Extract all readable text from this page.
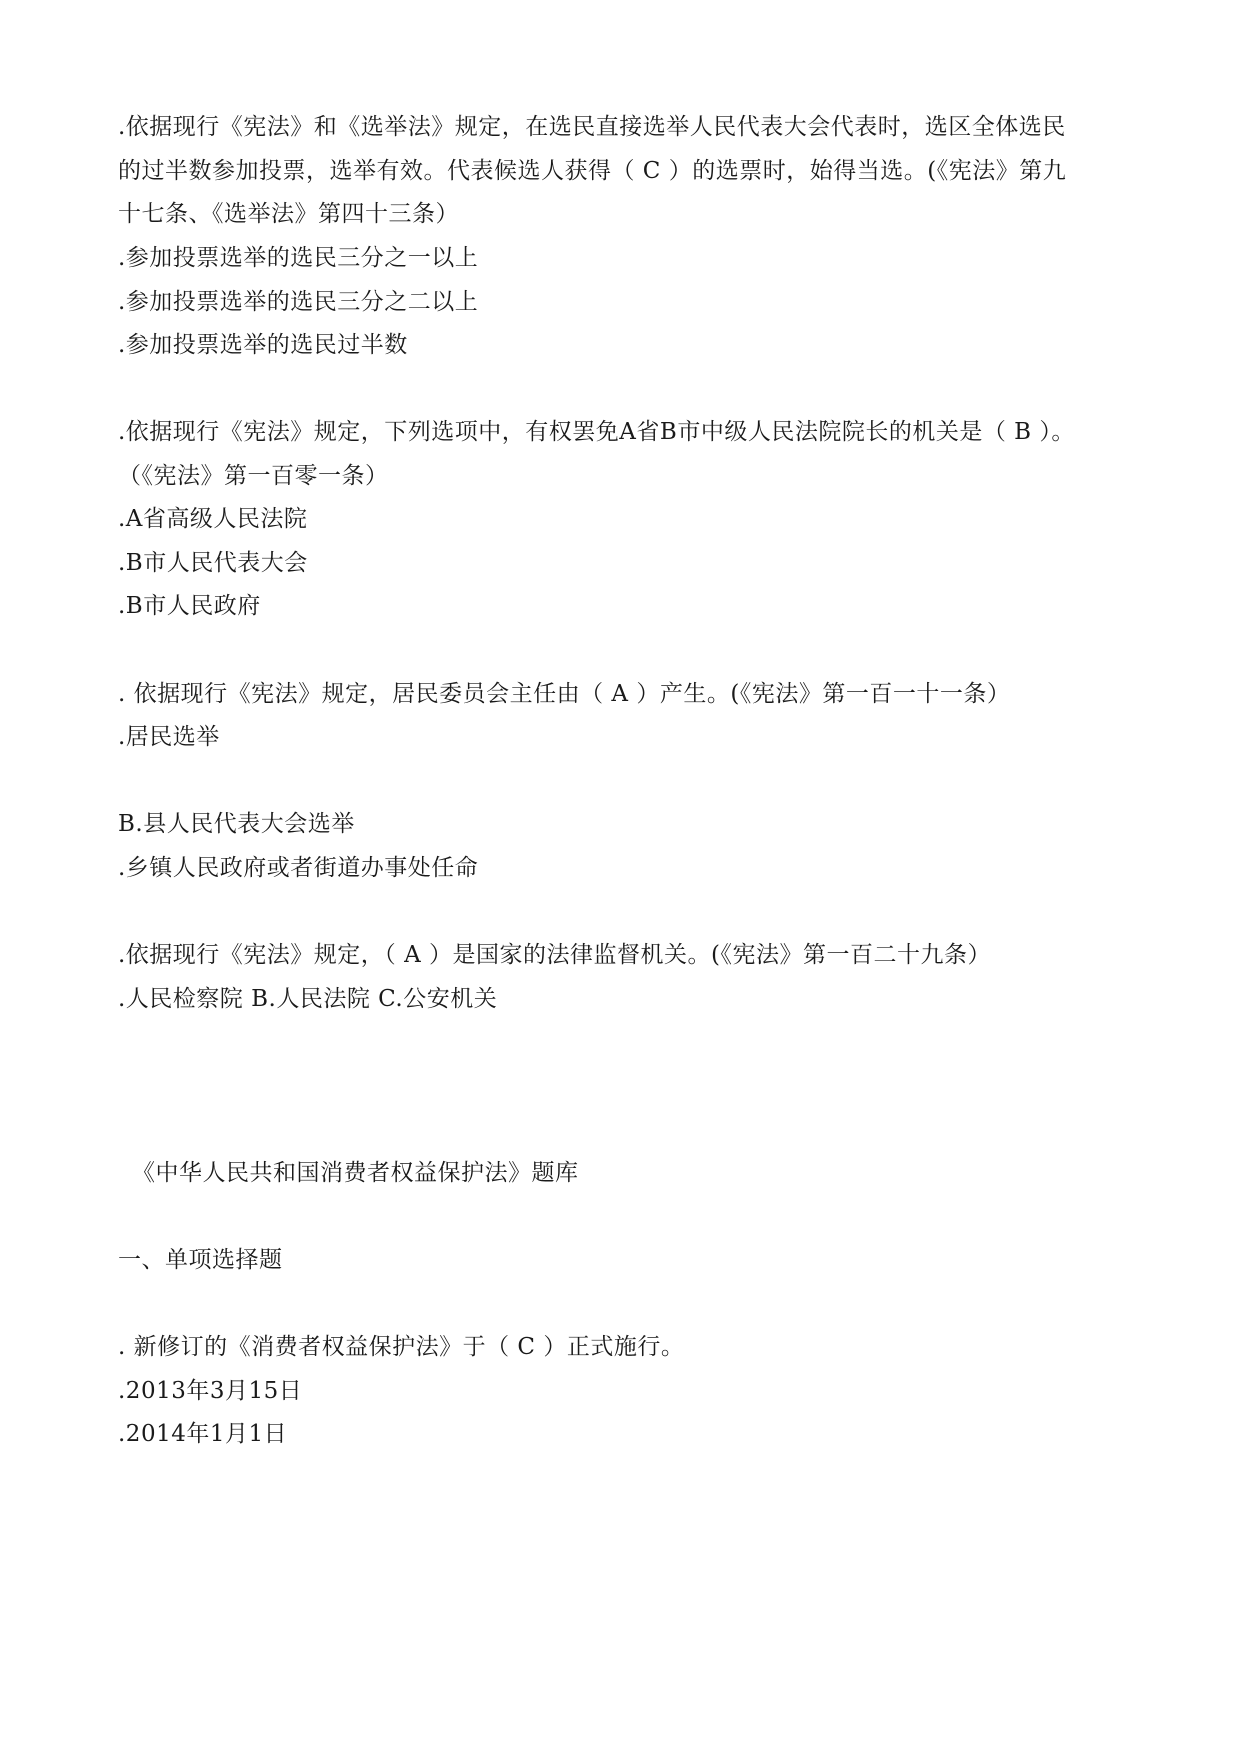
.依据现行《宪法》和《选举法》规定，在选民直接选举人民代表大会代表时，选区全体选民
的过半数参加投票，选举有效。代表候选人获得（ C ）的选票时，始得当选。(《宪法》第九
十七条、《选举法》第四十三条）
.参加投票选举的选民三分之一以上
.参加投票选举的选民三分之二以上
.参加投票选举的选民过半数
.依据现行《宪法》规定，下列选项中，有权罢免A省B市中级人民法院院长的机关是（ B ）。
（《宪法》第一百零一条）
.A省高级人民法院
.B市人民代表大会
.B市人民政府
. 依据现行《宪法》规定，居民委员会主任由（ A ）产生。(《宪法》第一百一十一条）
.居民选举
B.县人民代表大会选举
.乡镇人民政府或者街道办事处任命
.依据现行《宪法》规定，（ A ）是国家的法律监督机关。(《宪法》第一百二十九条）
.人民检察院 B.人民法院 C.公安机关
《中华人民共和国消费者权益保护法》题库
一、单项选择题
. 新修订的《消费者权益保护法》于（ C ）正式施行。
.2013年3月15日
.2014年1月1日
